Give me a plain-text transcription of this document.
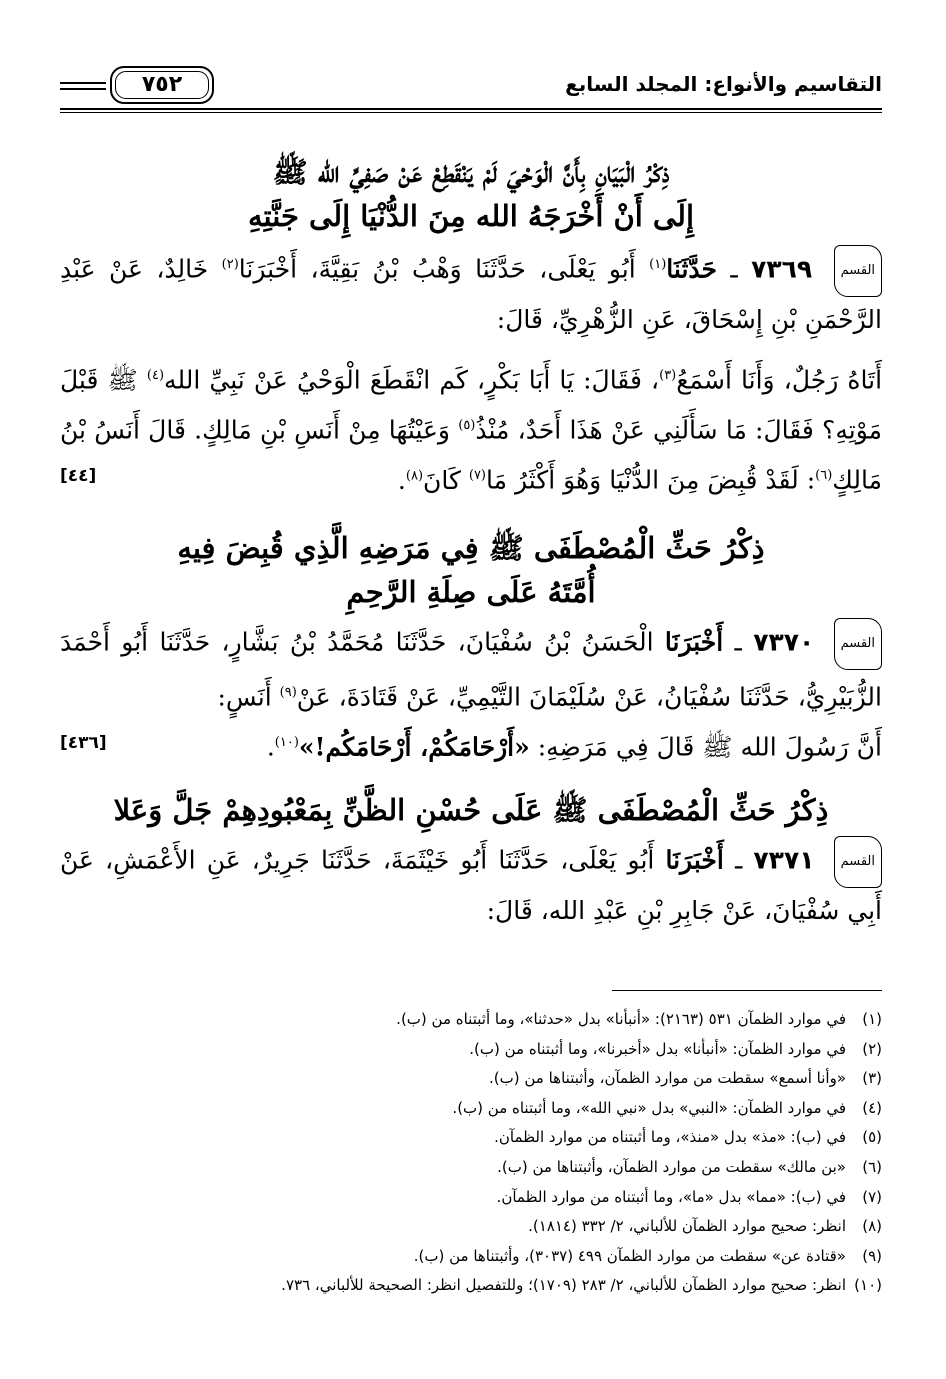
التقاسيم والأنواع: المجلد السابع
٧٥٢
ذِكْرُ الْبَيَانِ بِأَنَّ الْوَحْيَ لَمْ يَنْقَطِعْ عَنْ صَفِيِّ الله ﷺ
إِلَى أَنْ أَخْرَجَهُ الله مِنَ الدُّنْيَا إِلَى جَنَّتِهِ

القسم ٧٣٦٩ ـ حَدَّثَنَا$^{(١)}$ أَبُو يَعْلَى، حَدَّثَنَا وَهْبُ بْنُ بَقِيَّةَ، أَخْبَرَنَا$^{(٢)}$ خَالِدٌ، عَنْ عَبْدِ الرَّحْمَنِ بْنِ إِسْحَاقَ، عَنِ الزُّهْرِيِّ، قَالَ:

أَتَاهُ رَجُلٌ، وَأَنَا أَسْمَعُ$^{(٣)}$، فَقَالَ: يَا أَبَا بَكْرٍ، كَم انْقَطَعَ الْوَحْيُ عَنْ نَبِيِّ الله$^{(٤)}$ ﷺ قَبْلَ مَوْتِهِ؟ فَقَالَ: مَا سَأَلَنِي عَنْ هَذَا أَحَدٌ، مُنْذُ$^{(٥)}$ وَعَيْتُهَا مِنْ أَنَسِ بْنِ مَالِكٍ. قَالَ أَنَسُ بْنُ مَالِكٍ$^{(٦)}$: لَقَدْ قُبِضَ مِنَ الدُّنْيَا وَهُوَ أَكْثَرُ مَا$^{(٧)}$ كَانَ$^{(٨)}$.
[٤٤]

ذِكْرُ حَثِّ الْمُصْطَفَى ﷺ فِي مَرَضِهِ الَّذِي قُبِضَ فِيهِ
أُمَّتَهُ عَلَى صِلَةِ الرَّحِمِ

القسم ٧٣٧٠ ـ أَخْبَرَنَا الْحَسَنُ بْنُ سُفْيَانَ، حَدَّثَنَا مُحَمَّدُ بْنُ بَشَّارٍ، حَدَّثَنَا أَبُو أَحْمَدَ الزُّبَيْرِيُّ، حَدَّثَنَا سُفْيَانُ، عَنْ سُلَيْمَانَ التَّيْمِيِّ، عَنْ قَتَادَةَ، عَنْ$^{(٩)}$ أَنَسٍ:

أَنَّ رَسُولَ الله ﷺ قَالَ فِي مَرَضِهِ: «أَرْحَامَكُمْ، أَرْحَامَكُم!»$^{(١٠)}$.
[٤٣٦]

ذِكْرُ حَثِّ الْمُصْطَفَى ﷺ عَلَى حُسْنِ الظَّنِّ بِمَعْبُودِهِمْ جَلَّ وَعَلا

القسم ٧٣٧١ ـ أَخْبَرَنَا أَبُو يَعْلَى، حَدَّثَنَا أَبُو خَيْثَمَةَ، حَدَّثَنَا جَرِيرٌ، عَنِ الأَعْمَشِ، عَنْ أَبِي سُفْيَانَ، عَنْ جَابِرِ بْنِ عَبْدِ الله، قَالَ:

(١)في موارد الظمآن ٥٣١ (٢١٦٣): «أنبأنا» بدل «حدثنا»، وما أثبتناه من (ب).

(٢)في موارد الظمآن: «أنبأنا» بدل «أخبرنا»، وما أثبتناه من (ب).

(٣)«وأنا أسمع» سقطت من موارد الظمآن، وأثبتناها من (ب).

(٤)في موارد الظمآن: «النبي» بدل «نبي الله»، وما أثبتناه من (ب).

(٥)في (ب): «مذ» بدل «منذ»، وما أثبتناه من موارد الظمآن.

(٦)«بن مالك» سقطت من موارد الظمآن، وأثبتناها من (ب).

(٧)في (ب): «مما» بدل «ما»، وما أثبتناه من موارد الظمآن.

(٨)انظر: صحيح موارد الظمآن للألباني، ٢/ ٣٣٢ (١٨١٤).

(٩)«قتادة عن» سقطت من موارد الظمآن ٤٩٩ (٣٠٣٧)، وأثبتناها من (ب).

(١٠)انظر: صحيح موارد الظمآن للألباني، ٢/ ٢٨٣ (١٧٠٩)؛ وللتفصيل انظر: الصحيحة للألباني، ٧٣٦.
